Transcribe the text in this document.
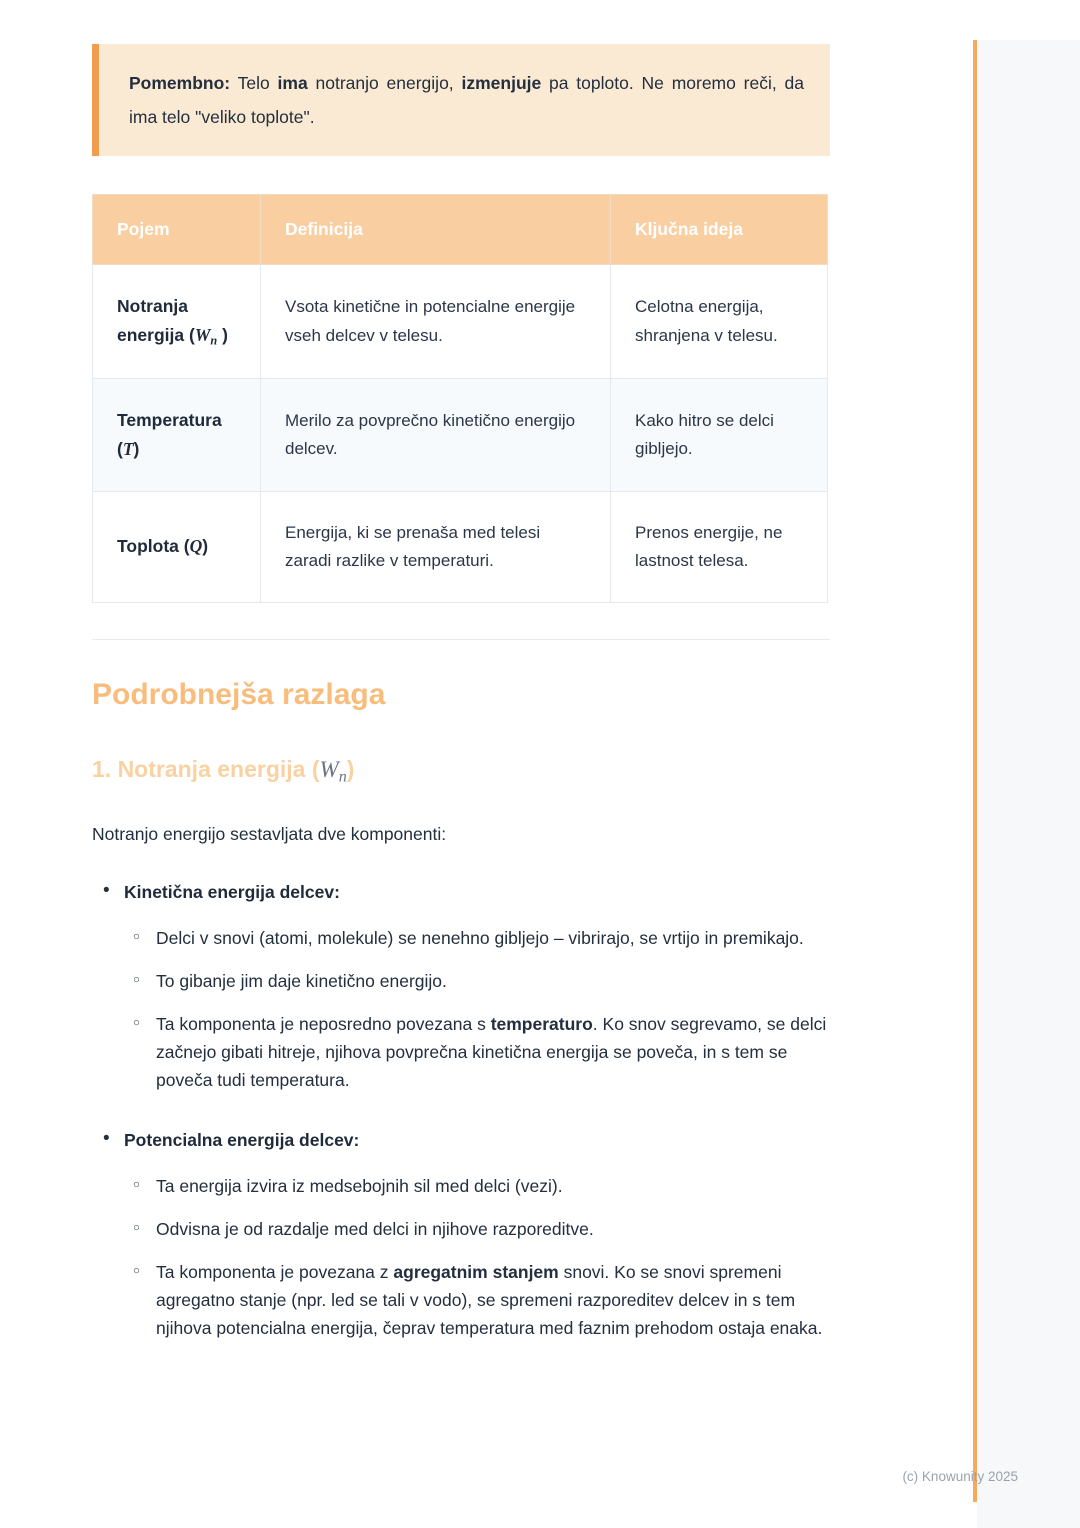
Pomembno: Telo ima notranjo energijo, izmenjuje pa toploto. Ne moremo reči, da ima telo "veliko toplote".

Pojem	Definicija	Ključna ideja
Notranja energija (Wn )	Vsota kinetične in potencialne energije vseh delcev v telesu.	Celotna energija, shranjena v telesu.
Temperatura (T)	Merilo za povprečno kinetično energijo delcev.	Kako hitro se delci gibljejo.
Toplota (Q)	Energija, ki se prenaša med telesi zaradi razlike v temperaturi.	Prenos energije, ne lastnost telesa.
Podrobnejša razlaga
1. Notranja energija (Wn)

Notranjo energijo sestavljata dve komponenti:

• Kinetična energija delcev:

○ Delci v snovi (atomi, molekule) se nenehno gibljejo – vibrirajo, se vrtijo in premikajo.

○ To gibanje jim daje kinetično energijo.

○ Ta komponenta je neposredno povezana s temperaturo. Ko snov segrevamo, se delci začnejo gibati hitreje, njihova povprečna kinetična energija se poveča, in s tem se poveča tudi temperatura.

• Potencialna energija delcev:

○ Ta energija izvira iz medsebojnih sil med delci (vezi).

○ Odvisna je od razdalje med delci in njihove razporeditve.

○ Ta komponenta je povezana z agregatnim stanjem snovi. Ko se snovi spremeni agregatno stanje (npr. led se tali v vodo), se spremeni razporeditev delcev in s tem njihova potencialna energija, čeprav temperatura med faznim prehodom ostaja enaka.

(c) Knowunity 2025
